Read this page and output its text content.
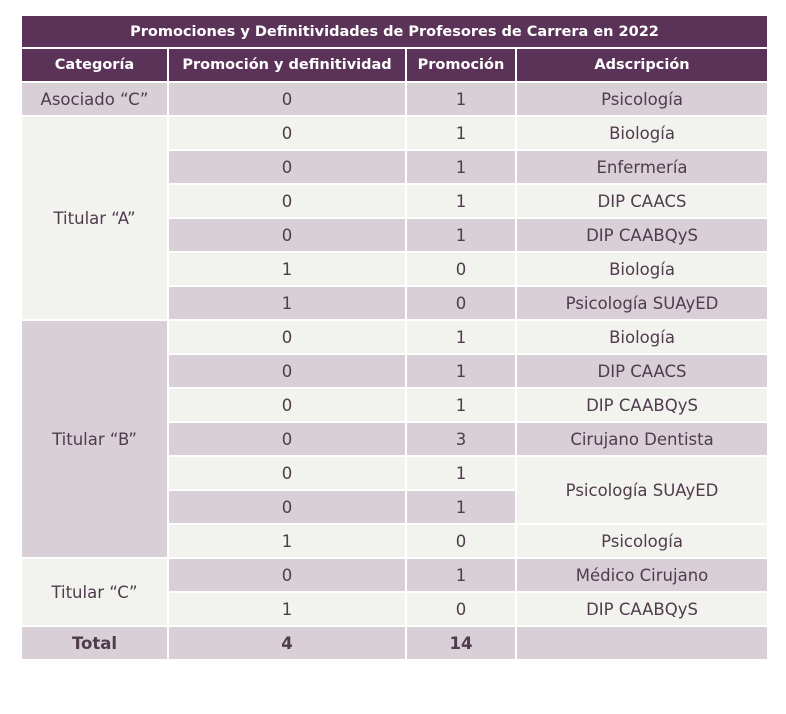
Promociones y Definitividades de Profesores de Carrera en 2022			
Categoría	Promoción y definitividad	Promoción	Adscripción
Asociado “C”	0	1	Psicología
Titular “A”	0	1	Biología
	0	1	Enfermería
	0	1	DIP CAACS
	0	1	DIP CAABQyS
	1	0	Biología
	1	0	Psicología SUAyED
Titular “B”	0	1	Biología
	0	1	DIP CAACS
	0	1	DIP CAABQyS
	0	3	Cirujano Dentista
	0	1	Psicología SUAyED
	0	1	
	1	0	Psicología
Titular “C”	0	1	Médico Cirujano
	1	0	DIP CAABQyS
Total	4	14	
